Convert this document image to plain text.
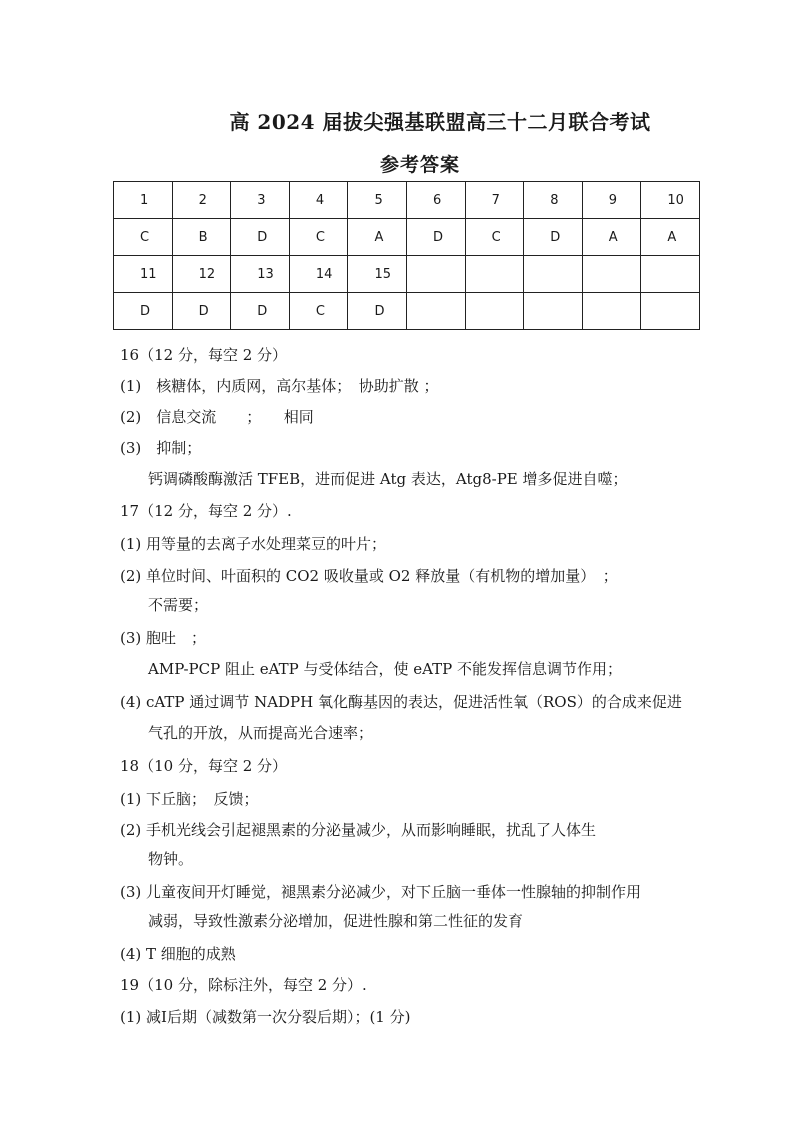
高 2024 届拔尖强基联盟高三十二月联合考试
参考答案
1	2	3	4	5	6	7	8	9	10
C	B	D	C	A	D	C	D	A	A
11	12	13	14	15					
D	D	D	C	D					
16（12 分，每空 2 分）
(1)　核糖体，内质网，高尔基体；　协助扩散 ；
(2)　信息交流　　；　　相同
(3)　抑制；
钙调磷酸酶激活 TFEB，进而促进 Atg 表达，Atg8-PE 增多促进自噬；
17（12 分，每空 2 分）.
(1) 用等量的去离子水处理菜豆的叶片；
(2) 单位时间、叶面积的 CO2 吸收量或 O2 释放量（有机物的增加量）　；
不需要；
(3) 胞吐　；
AMP-PCP 阻止 eATP 与受体结合，使 eATP 不能发挥信息调节作用；
(4) cATP 通过调节 NADPH 氧化酶基因的表达，促进活性氧（ROS）的合成来促进
气孔的开放，从而提高光合速率；
18（10 分，每空 2 分）
(1) 下丘脑；　反馈；
(2) 手机光线会引起褪黑素的分泌量减少，从而影响睡眠，扰乱了人体生
物钟。
(3) 儿童夜间开灯睡觉，褪黑素分泌减少，对下丘脑一垂体一性腺轴的抑制作用
减弱，导致性激素分泌增加，促进性腺和第二性征的发育
(4) T 细胞的成熟
19（10 分，除标注外，每空 2 分）.
(1) 减Ⅰ后期（减数第一次分裂后期）；(1 分)
